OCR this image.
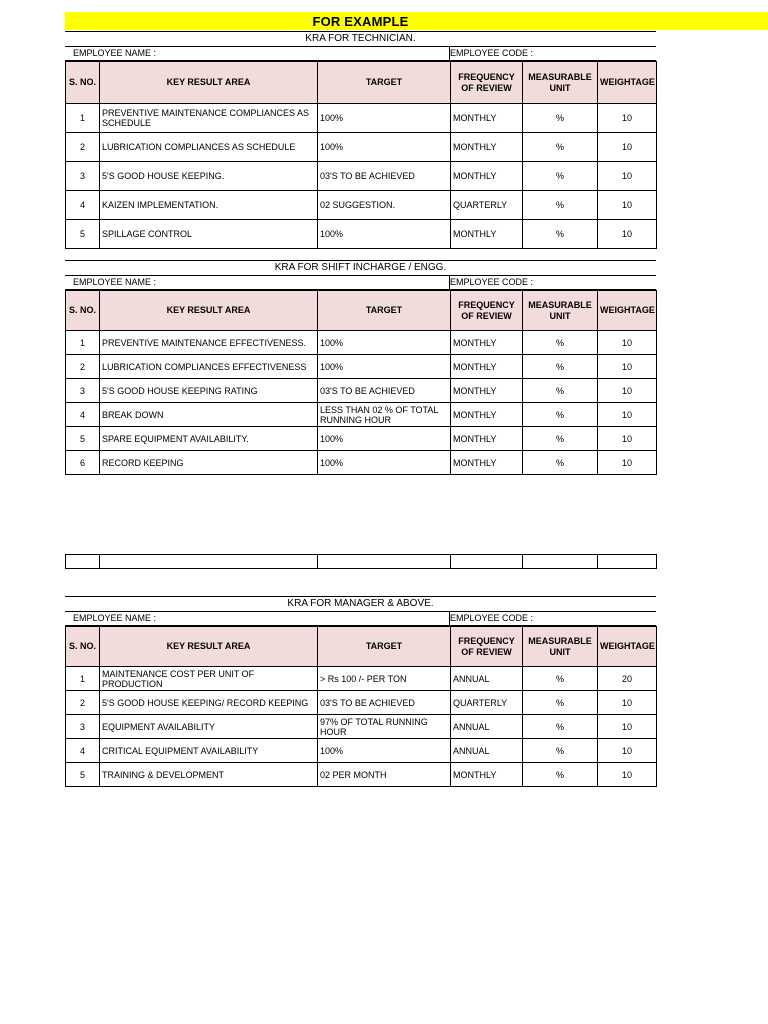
FOR EXAMPLE
KRA FOR TECHNICIAN.
EMPLOYEE NAME :	EMPLOYEE CODE :
S. NO.	KEY RESULT AREA	TARGET	FREQUENCY OF REVIEW	MEASURABLE UNIT	WEIGHTAGE
1	PREVENTIVE MAINTENANCE COMPLIANCES AS SCHEDULE	100%	MONTHLY	%	10
2	LUBRICATION COMPLIANCES AS SCHEDULE	100%	MONTHLY	%	10
3	5'S GOOD HOUSE KEEPING.	03'S TO BE ACHIEVED	MONTHLY	%	10
4	KAIZEN IMPLEMENTATION.	02 SUGGESTION.	QUARTERLY	%	10
5	SPILLAGE CONTROL	100%	MONTHLY	%	10
KRA FOR SHIFT INCHARGE / ENGG.
EMPLOYEE NAME :	EMPLOYEE CODE :
S. NO.	KEY RESULT AREA	TARGET	FREQUENCY OF REVIEW	MEASURABLE UNIT	WEIGHTAGE
1	PREVENTIVE MAINTENANCE EFFECTIVENESS.	100%	MONTHLY	%	10
2	LUBRICATION COMPLIANCES EFFECTIVENESS	100%	MONTHLY	%	10
3	5'S GOOD HOUSE KEEPING RATING	03'S TO BE ACHIEVED	MONTHLY	%	10
4	BREAK DOWN	LESS THAN 02 % OF TOTAL RUNNING HOUR	MONTHLY	%	10
5	SPARE EQUIPMENT AVAILABILITY.	100%	MONTHLY	%	10
6	RECORD KEEPING	100%	MONTHLY	%	10

KRA FOR MANAGER & ABOVE.
EMPLOYEE NAME :	EMPLOYEE CODE :
S. NO.	KEY RESULT AREA	TARGET	FREQUENCY OF REVIEW	MEASURABLE UNIT	WEIGHTAGE
1	MAINTENANCE COST PER UNIT OF PRODUCTION	> Rs 100 /- PER TON	ANNUAL	%	20
2	5'S GOOD HOUSE KEEPING/ RECORD KEEPING	03'S TO BE ACHIEVED	QUARTERLY	%	10
3	EQUIPMENT AVAILABILITY	97% OF TOTAL RUNNING HOUR	ANNUAL	%	10
4	CRITICAL EQUIPMENT AVAILABILITY	100%	ANNUAL	%	10
5	TRAINING & DEVELOPMENT	02 PER MONTH	MONTHLY	%	10
